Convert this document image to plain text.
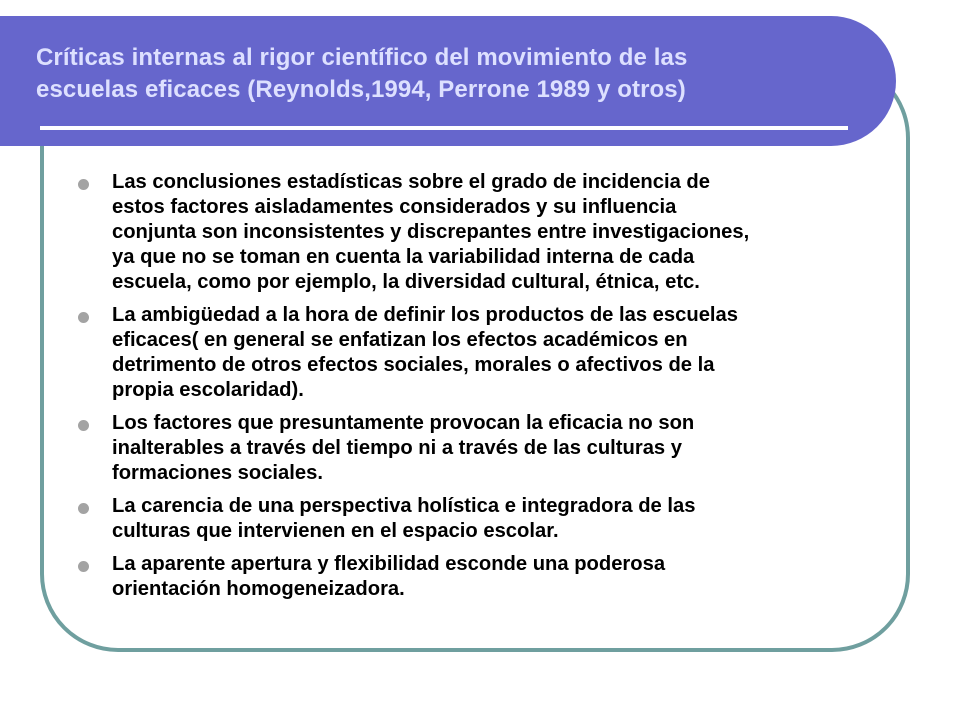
Críticas internas al rigor científico del movimiento de las
escuelas eficaces (Reynolds,1994, Perrone 1989 y otros)
Las conclusiones estadísticas sobre el grado de incidencia de
estos factores aisladamentes considerados y su influencia
conjunta son inconsistentes y discrepantes entre investigaciones,
ya que no se toman en cuenta la variabilidad interna de cada
escuela, como por ejemplo, la diversidad cultural, étnica, etc.
La ambigüedad a la hora de definir los productos de las escuelas
eficaces( en general se enfatizan los efectos académicos en
detrimento de otros efectos sociales, morales o afectivos de la
propia escolaridad).
Los factores que presuntamente provocan la eficacia no son
inalterables a través del tiempo ni a través de las culturas y
formaciones sociales.
La carencia de una perspectiva holística e integradora de las
culturas que intervienen en el espacio escolar.
La aparente apertura y flexibilidad esconde una poderosa
orientación homogeneizadora.
